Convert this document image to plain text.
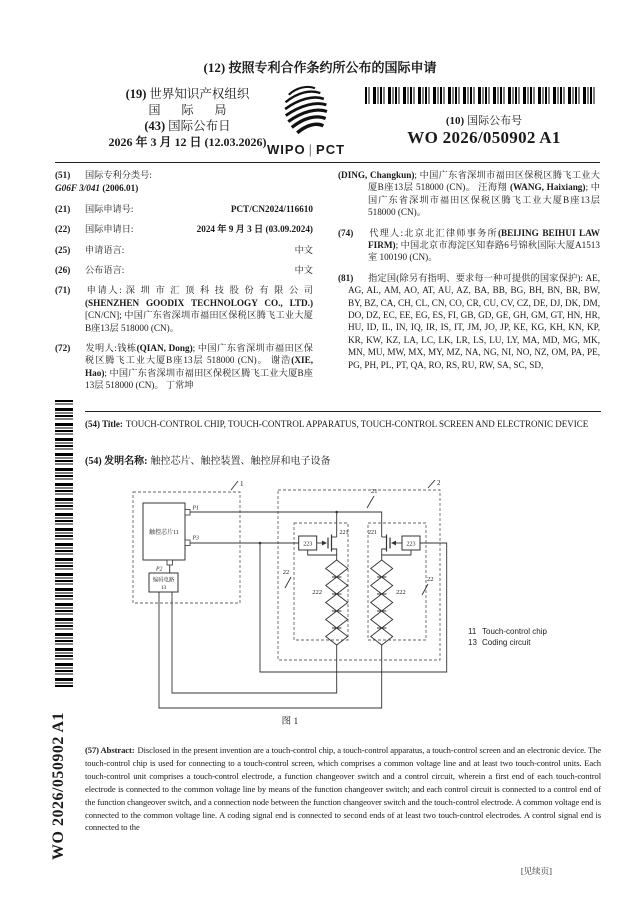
(12) 按照专利合作条约所公布的国际申请
(19) 世界知识产权组织
国 际 局
(43) 国际公布日
2026 年 3 月 12 日 (12.03.2026) WIPO | PCT
(10) 国际公布号
WO 2026/050902 A1
(51) 国际专利分类号:
G06F 3/041 (2006.01)
(21)	国际申请号:	PCT/CN2024/116610
(22)	国际申请日:	2024 年 9 月 3 日 (03.09.2024)
(25)	申请语言:	中文
(26)	公布语言:	中文
(71) 申请人: 深 圳 市 汇 顶 科 技 股 份 有 限 公 司 (SHENZHEN GOODIX TECHNOLOGY CO., LTD.) [CN/CN]; 中国广东省深圳市福田区保税区腾飞工业大厦B座13层 518000 (CN)。
(72) 发明人:钱栋(QIAN, Dong); 中国广东省深圳市福田区保税区腾飞工业大厦B座13层 518000 (CN)。 谢浩(XIE, Hao); 中国广东省深圳市福田区保税区腾飞工业大厦B座13层 518000 (CN)。 丁常坤
(DING, Changkun); 中国广东省深圳市福田区保税区腾飞工业大厦B座13层 518000 (CN)。 汪海翔 (WANG, Haixiang); 中国广东省深圳市福田区保税区腾飞工业大厦B座13层 518000 (CN)。
(74) 代理人:北京北汇律师事务所(BEIJING BEIHUI LAW FIRM); 中国北京市海淀区知春路6号锦秋国际大厦A1513室 100190 (CN)。
(81) 指定国(除另有指明、要求每一种可提供的国家保护): AE, AG, AL, AM, AO, AT, AU, AZ, BA, BB, BG, BH, BN, BR, BW, BY, BZ, CA, CH, CL, CN, CO, CR, CU, CV, CZ, DE, DJ, DK, DM, DO, DZ, EC, EE, EG, ES, FI, GB, GD, GE, GH, GM, GT, HN, HR, HU, ID, IL, IN, IQ, IR, IS, IT, JM, JO, JP, KE, KG, KH, KN, KP, KR, KW, KZ, LA, LC, LK, LR, LS, LU, LY, MA, MD, MG, MK, MN, MU, MW, MX, MY, MZ, NA, NG, NI, NO, NZ, OM, PA, PE, PG, PH, PL, PT, QA, RO, RS, RU, RW, SA, SC, SD,
WO 2026/050902 A1
(54) Title: TOUCH-CONTROL CHIP, TOUCH-CONTROL APPARATUS, TOUCH-CONTROL SCREEN AND ELECTRONIC DEVICE
(54) 发明名称: 触控芯片、触控装置、触控屏和电子设备
触控芯片11
编码电路
13
P1
P3
P2
1	2
21
22
22
223	223
221	221
222	222
图 1
11 Touch-control chip
13 Coding circuit
(57) Abstract: Disclosed in the present invention are a touch-control chip, a touch-control apparatus, a touch-control screen and an electronic device. The touch-control chip is used for connecting to a touch-control screen, which comprises a common voltage line and at least two touch-control units. Each touch-control unit comprises a touch-control electrode, a function changeover switch and a control circuit, wherein a first end of each touch-control electrode is connected to the common voltage line by means of the function changeover switch; and each control circuit is connected to a control end of the function changeover switch, and a connection node between the function changeover switch and the touch-control electrode. A common voltage end is connected to the common voltage line. A coding signal end is connected to second ends of at least two touch-control electrodes. A control signal end is connected to the
[见续页]
